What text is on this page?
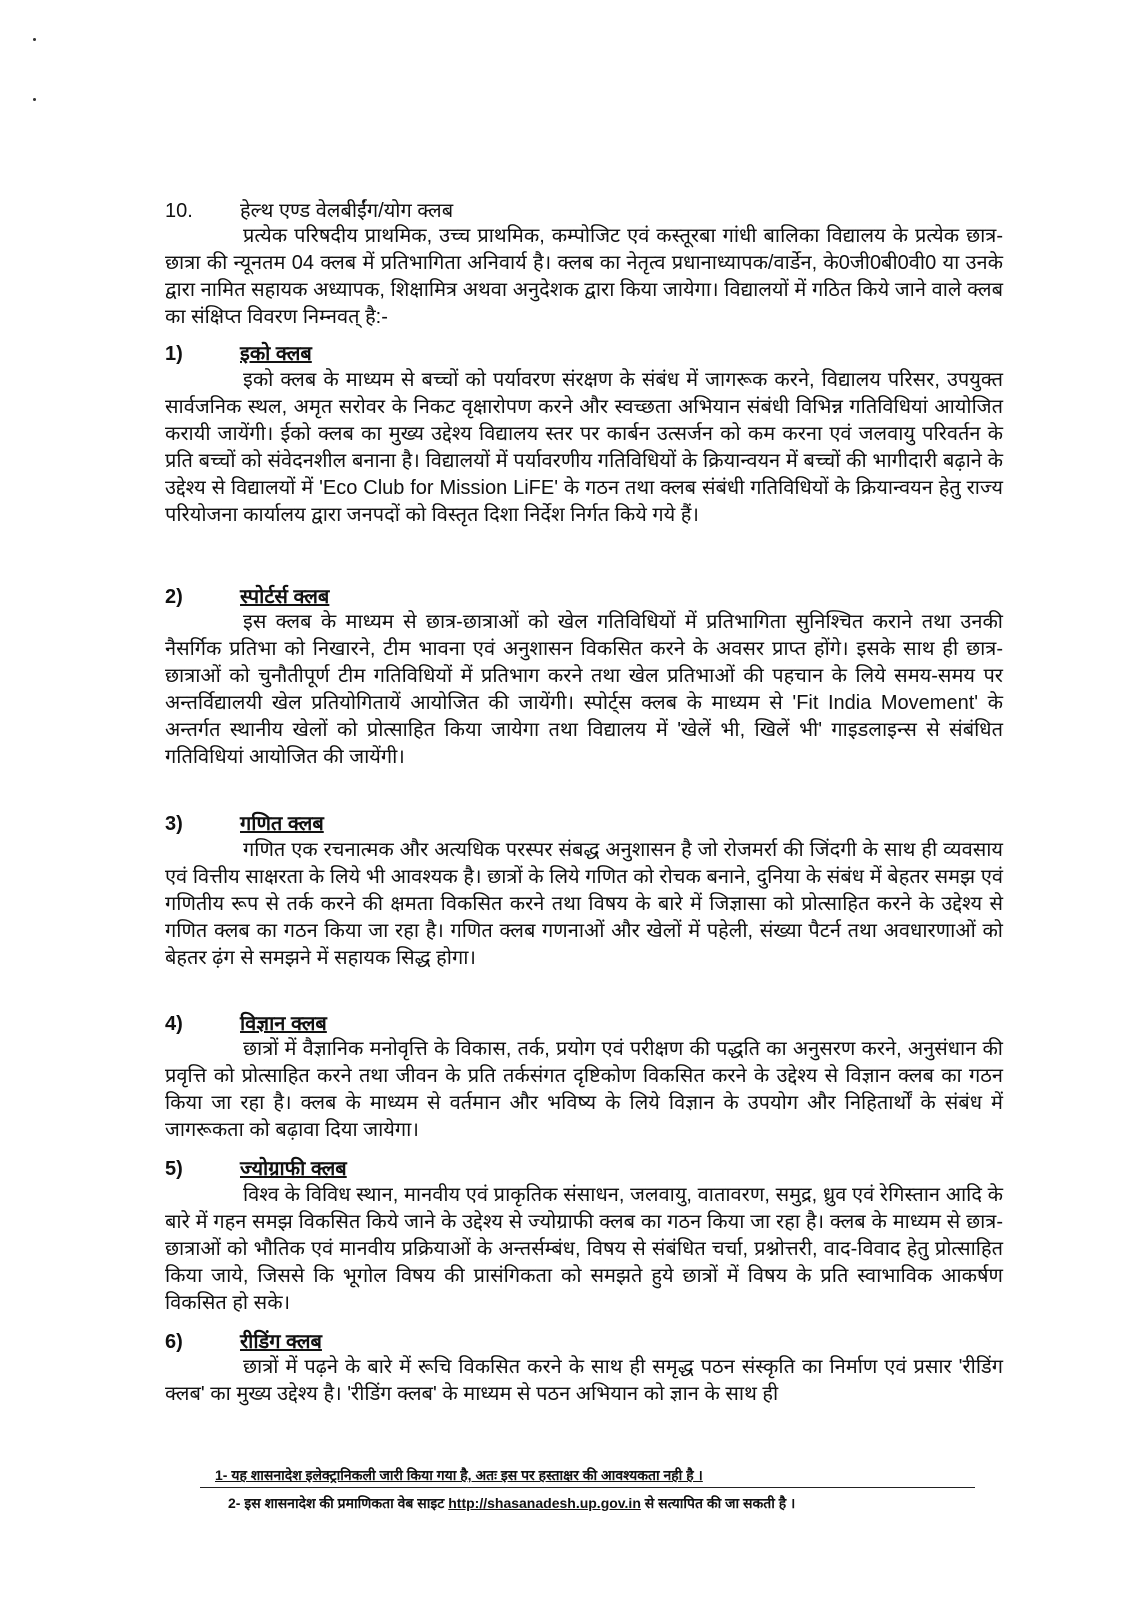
10. हेल्थ एण्ड वेलबीईंग/योग क्लब

प्रत्येक परिषदीय प्राथमिक, उच्च प्राथमिक, कम्पोजिट एवं कस्तूरबा गांधी बालिका विद्यालय के प्रत्येक छात्र-छात्रा की न्यूनतम 04 क्लब में प्रतिभागिता अनिवार्य है। क्लब का नेतृत्व प्रधानाध्यापक/वार्डेन, के0जी0बी0वी0 या उनके द्वारा नामित सहायक अध्यापक, शिक्षामित्र अथवा अनुदेशक द्वारा किया जायेगा। विद्यालयों में गठित किये जाने वाले क्लब का संक्षिप्त विवरण निम्नवत् है:-

1)	इको क्लब

इको क्लब के माध्यम से बच्चों को पर्यावरण संरक्षण के संबंध में जागरूक करने, विद्यालय परिसर, उपयुक्त सार्वजनिक स्थल, अमृत सरोवर के निकट वृक्षारोपण करने और स्वच्छता अभियान संबंधी विभिन्न गतिविधियां आयोजित करायी जायेंगी। ईको क्लब का मुख्य उद्देश्य विद्यालय स्तर पर कार्बन उत्सर्जन को कम करना एवं जलवायु परिवर्तन के प्रति बच्चों को संवेदनशील बनाना है। विद्यालयों में पर्यावरणीय गतिविधियों के क्रियान्वयन में बच्चों की भागीदारी बढ़ाने के उद्देश्य से विद्यालयों में 'Eco Club for Mission LiFE' के गठन तथा क्लब संबंधी गतिविधियों के क्रियान्वयन हेतु राज्य परियोजना कार्यालय द्वारा जनपदों को विस्तृत दिशा निर्देश निर्गत किये गये हैं।

2)	स्पोर्टर्स क्लब

इस क्लब के माध्यम से छात्र-छात्राओं को खेल गतिविधियों में प्रतिभागिता सुनिश्चित कराने तथा उनकी नैसर्गिक प्रतिभा को निखारने, टीम भावना एवं अनुशासन विकसित करने के अवसर प्राप्त होंगे। इसके साथ ही छात्र-छात्राओं को चुनौतीपूर्ण टीम गतिविधियों में प्रतिभाग करने तथा खेल प्रतिभाओं की पहचान के लिये समय-समय पर अन्तर्विद्यालयी खेल प्रतियोगितायें आयोजित की जायेंगी। स्पोर्ट्स क्लब के माध्यम से 'Fit India Movement' के अन्तर्गत स्थानीय खेलों को प्रोत्साहित किया जायेगा तथा विद्यालय में 'खेलें भी, खिलें भी' गाइडलाइन्स से संबंधित गतिविधियां आयोजित की जायेंगी।

3)	गणित क्लब

गणित एक रचनात्मक और अत्यधिक परस्पर संबद्ध अनुशासन है जो रोजमर्रा की जिंदगी के साथ ही व्यवसाय एवं वित्तीय साक्षरता के लिये भी आवश्यक है। छात्रों के लिये गणित को रोचक बनाने, दुनिया के संबंध में बेहतर समझ एवं गणितीय रूप से तर्क करने की क्षमता विकसित करने तथा विषय के बारे में जिज्ञासा को प्रोत्साहित करने के उद्देश्य से गणित क्लब का गठन किया जा रहा है। गणित क्लब गणनाओं और खेलों में पहेली, संख्या पैटर्न तथा अवधारणाओं को बेहतर ढ़ंग से समझने में सहायक सिद्ध होगा।

4)	विज्ञान क्लब

छात्रों में वैज्ञानिक मनोवृत्ति के विकास, तर्क, प्रयोग एवं परीक्षण की पद्धति का अनुसरण करने, अनुसंधान की प्रवृत्ति को प्रोत्साहित करने तथा जीवन के प्रति तर्कसंगत दृष्टिकोण विकसित करने के उद्देश्य से विज्ञान क्लब का गठन किया जा रहा है। क्लब के माध्यम से वर्तमान और भविष्य के लिये विज्ञान के उपयोग और निहितार्थों के संबंध में जागरूकता को बढ़ावा दिया जायेगा।

5)	ज्योग्राफी क्लब

विश्व के विविध स्थान, मानवीय एवं प्राकृतिक संसाधन, जलवायु, वातावरण, समुद्र, ध्रुव एवं रेगिस्तान आदि के बारे में गहन समझ विकसित किये जाने के उद्देश्य से ज्योग्राफी क्लब का गठन किया जा रहा है। क्लब के माध्यम से छात्र-छात्राओं को भौतिक एवं मानवीय प्रक्रियाओं के अन्तर्सम्बंध, विषय से संबंधित चर्चा, प्रश्नोत्तरी, वाद-विवाद हेतु प्रोत्साहित किया जाये, जिससे कि भूगोल विषय की प्रासंगिकता को समझते हुये छात्रों में विषय के प्रति स्वाभाविक आकर्षण विकसित हो सके।

6)	रीडिंग क्लब

छात्रों में पढ़ने के बारे में रूचि विकसित करने के साथ ही समृद्ध पठन संस्कृति का निर्माण एवं प्रसार 'रीडिंग क्लब' का मुख्य उद्देश्य है। 'रीडिंग क्लब' के माध्यम से पठन अभियान को ज्ञान के साथ ही

1- यह शासनादेश इलेक्ट्रानिकली जारी किया गया है, अतः इस पर हस्ताक्षर की आवश्यकता नही है ।
2- इस शासनादेश की प्रमाणिकता वेब साइट http://shasanadesh.up.gov.in से सत्यापित की जा सकती है ।
